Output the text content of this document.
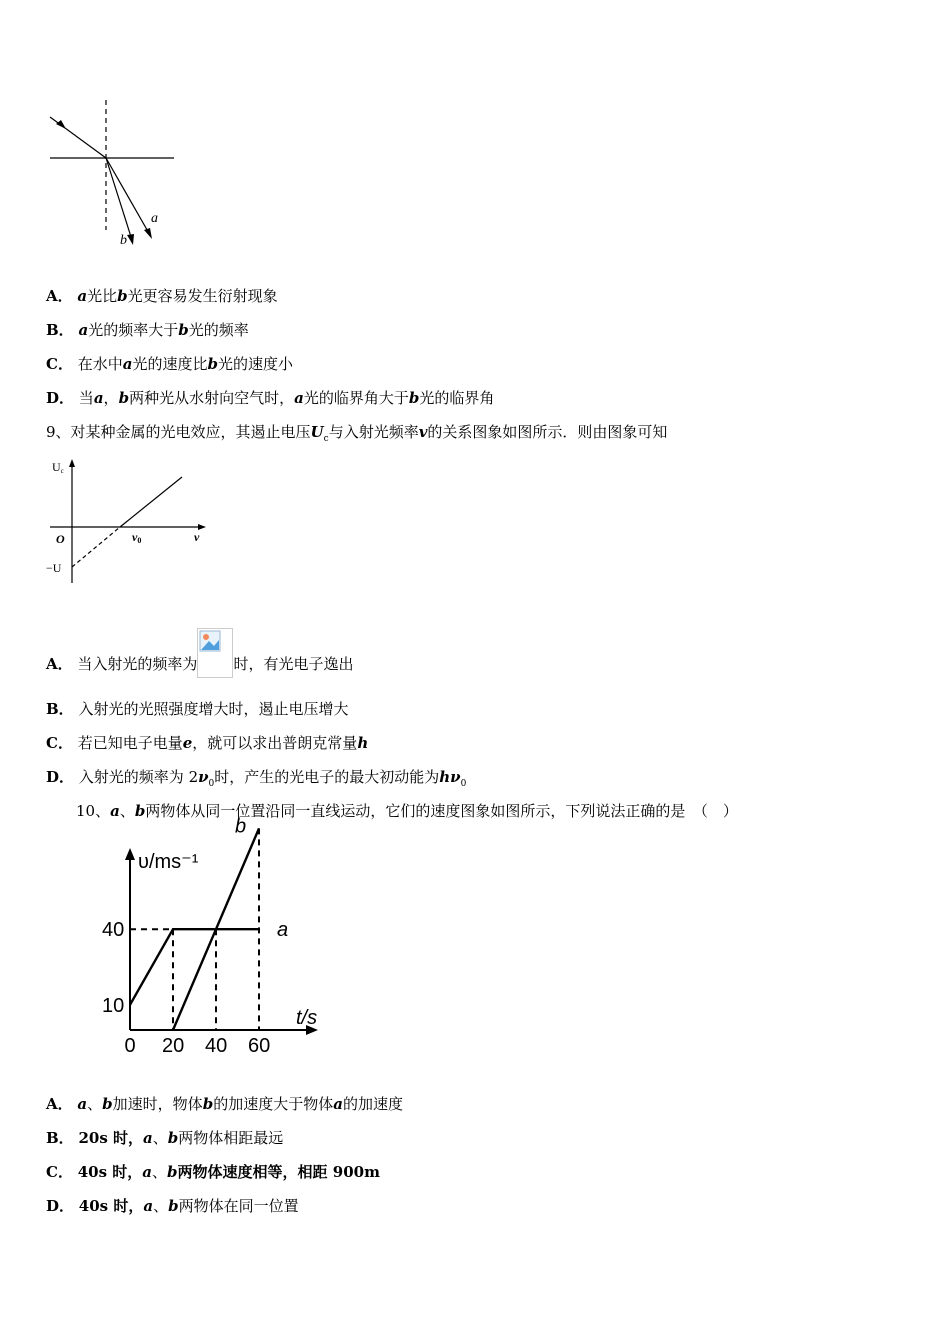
a
b
A． a光比b光更容易发生衍射现象
B． a光的频率大于b光的频率
C． 在水中a光的速度比b光的速度小
D． 当a，b两种光从水射向空气时，a光的临界角大于b光的临界角
9、对某种金属的光电效应，其遏止电压$U_c$与入射光频率v的关系图象如图所示．则由图象可知
Uc
O	ν0	ν
−U
A． 当入射光的频率为 时，有光电子逸出
B． 入射光的光照强度增大时，遏止电压增大
C． 若已知电子电量e，就可以求出普朗克常量h
D． 入射光的频率为 $2\nu_0$时，产生的光电子的最大初动能为$h\nu_0$
10、a、b两物体从同一位置沿同一直线运动，它们的速度图象如图所示，下列说法正确的是　（　）
υ/ms⁻¹
t/s
0 20 40 60
10
40	a
b
A． a、b加速时，物体b的加速度大于物体a的加速度
B． 20s 时，a、b两物体相距最远
C． 40s 时，a、b两物体速度相等，相距 900m
D． 40s 时，a、b两物体在同一位置
